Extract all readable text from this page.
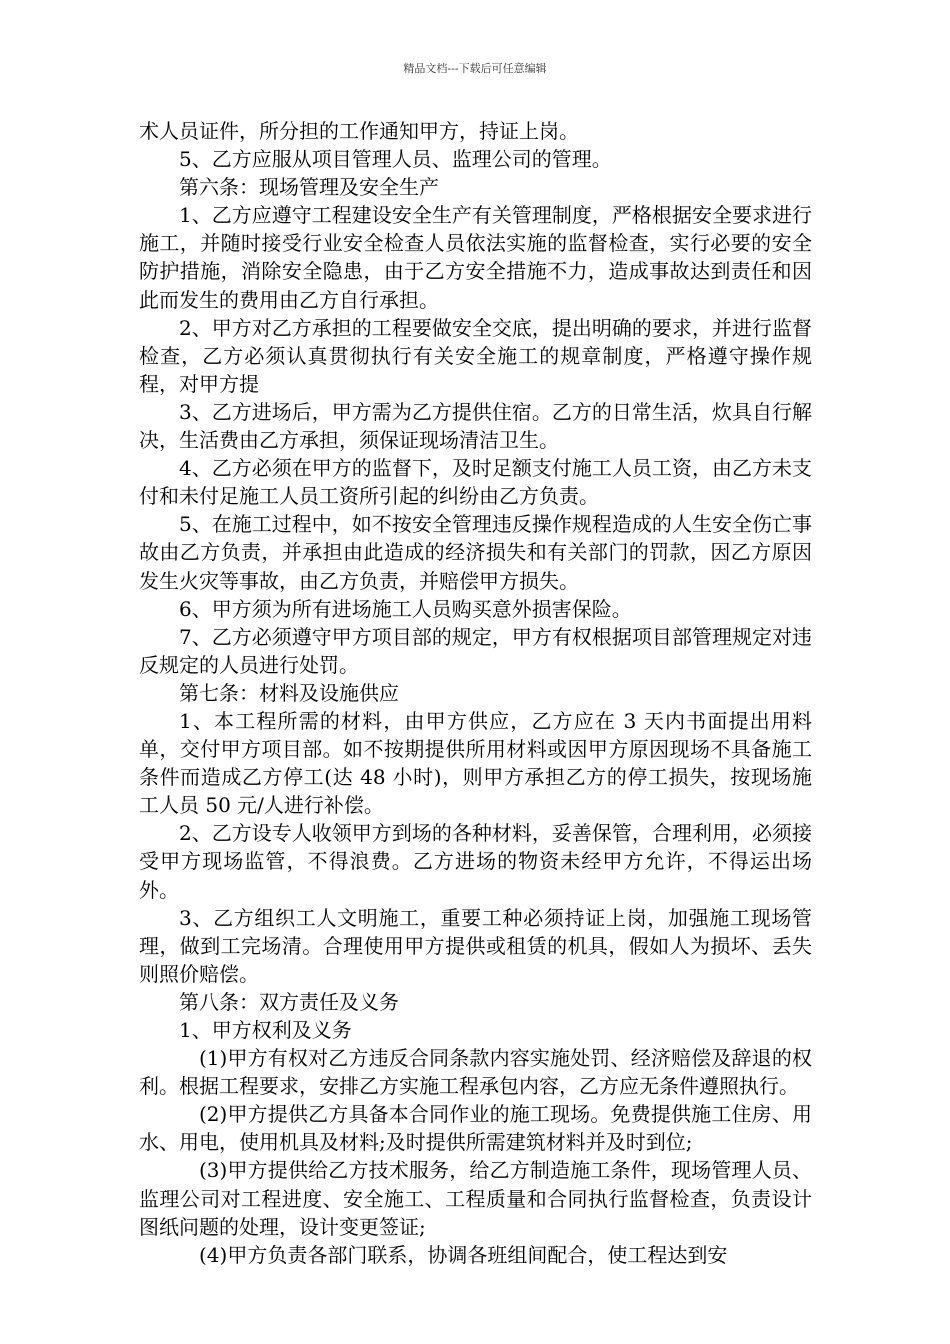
精品文档---下载后可任意编辑

术人员证件，所分担的工作通知甲方，持证上岗。

5、乙方应服从项目管理人员、监理公司的管理。

第六条：现场管理及安全生产

1、乙方应遵守工程建设安全生产有关管理制度，严格根据安全要求进行施工，并随时接受行业安全检查人员依法实施的监督检查，实行必要的安全防护措施，消除安全隐患，由于乙方安全措施不力，造成事故达到责任和因此而发生的费用由乙方自行承担。

2、甲方对乙方承担的工程要做安全交底，提出明确的要求，并进行监督检查，乙方必须认真贯彻执行有关安全施工的规章制度，严格遵守操作规程，对甲方提

3、乙方进场后，甲方需为乙方提供住宿。乙方的日常生活，炊具自行解决，生活费由乙方承担，须保证现场清洁卫生。

4、乙方必须在甲方的监督下，及时足额支付施工人员工资，由乙方未支付和未付足施工人员工资所引起的纠纷由乙方负责。

5、在施工过程中，如不按安全管理违反操作规程造成的人生安全伤亡事故由乙方负责，并承担由此造成的经济损失和有关部门的罚款，因乙方原因发生火灾等事故，由乙方负责，并赔偿甲方损失。

6、甲方须为所有进场施工人员购买意外损害保险。

7、乙方必须遵守甲方项目部的规定，甲方有权根据项目部管理规定对违反规定的人员进行处罚。

第七条：材料及设施供应

1、本工程所需的材料，由甲方供应，乙方应在 3 天内书面提出用料单，交付甲方项目部。如不按期提供所用材料或因甲方原因现场不具备施工条件而造成乙方停工(达 48 小时)，则甲方承担乙方的停工损失，按现场施工人员 50 元/人进行补偿。

2、乙方设专人收领甲方到场的各种材料，妥善保管，合理利用，必须接受甲方现场监管，不得浪费。乙方进场的物资未经甲方允许，不得运出场外。

3、乙方组织工人文明施工，重要工种必须持证上岗，加强施工现场管理，做到工完场清。合理使用甲方提供或租赁的机具，假如人为损坏、丢失则照价赔偿。

第八条：双方责任及义务

1、甲方权利及义务

(1)甲方有权对乙方违反合同条款内容实施处罚、经济赔偿及辞退的权利。根据工程要求，安排乙方实施工程承包内容，乙方应无条件遵照执行。

(2)甲方提供乙方具备本合同作业的施工现场。免费提供施工住房、用水、用电，使用机具及材料;及时提供所需建筑材料并及时到位;

(3)甲方提供给乙方技术服务，给乙方制造施工条件，现场管理人员、监理公司对工程进度、安全施工、工程质量和合同执行监督检查，负责设计图纸问题的处理，设计变更签证;

(4)甲方负责各部门联系，协调各班组间配合，使工程达到安
